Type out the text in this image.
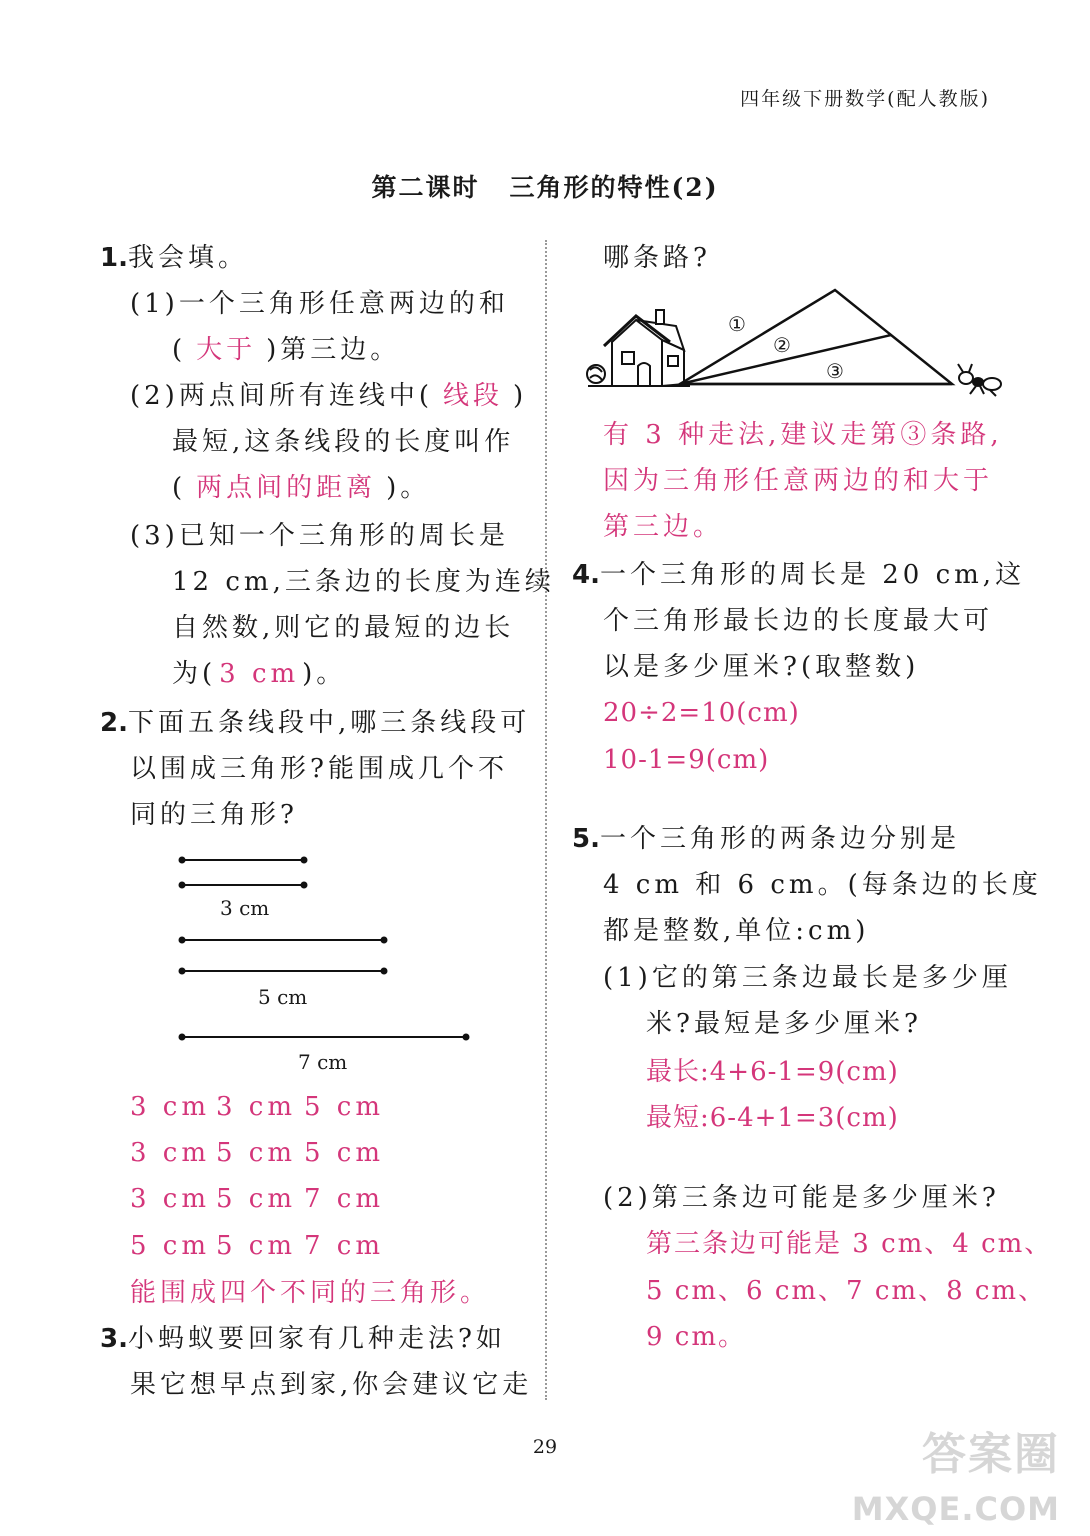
四年级下册数学(配人教版)
第二课时 三角形的特性(2)
1.我会填。
(1)一个三角形任意两边的和
( 大于 )第三边。
(2)两点间所有连线中( 线段 )
最短,这条线段的长度叫作
( 两点间的距离 )。
(3)已知一个三角形的周长是
12 cm,三条边的长度为连续
自然数,则它的最短的边长
为( 3 cm )。
2.下面五条线段中,哪三条线段可
以围成三角形?能围成几个不
同的三角形?
3 cm
5 cm
7 cm
3 cm 3 cm 5 cm
3 cm 5 cm 5 cm
3 cm 5 cm 7 cm
5 cm 5 cm 7 cm
能围成四个不同的三角形。
3.小蚂蚁要回家有几种走法?如
果它想早点到家,你会建议它走
哪条路?
①
②
③
有 3 种走法,建议走第③条路,
因为三角形任意两边的和大于
第三边。
4.一个三角形的周长是 20 cm,这
个三角形最长边的长度最大可
以是多少厘米?(取整数)
20÷2=10(cm)
10-1=9(cm)
5.一个三角形的两条边分别是
4 cm 和 6 cm。(每条边的长度
都是整数,单位:cm)
(1)它的第三条边最长是多少厘
米?最短是多少厘米?
最长:4+6-1=9(cm)
最短:6-4+1=3(cm)
(2)第三条边可能是多少厘米?
第三条边可能是 3 cm、4 cm、
5 cm、6 cm、7 cm、8 cm、
9 cm。
29	答案圈
MXQE.COM
